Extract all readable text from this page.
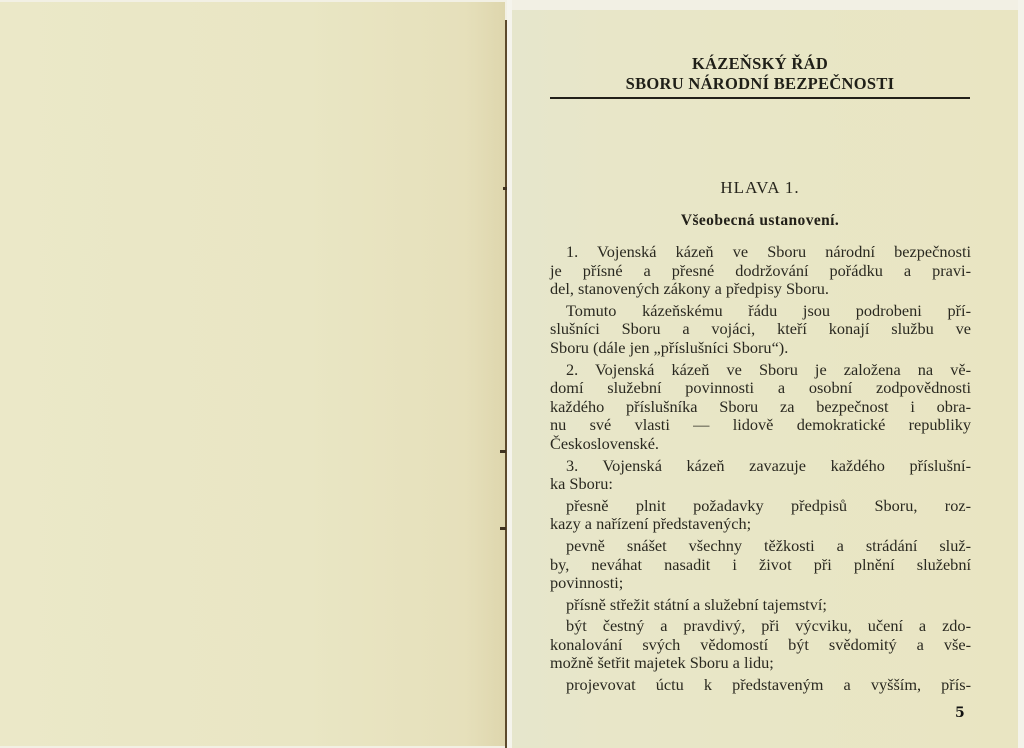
KÁZEŇSKÝ ŘÁD
SBORU NÁRODNÍ BEZPEČNOSTI
HLAVA 1.
Všeobecná ustanovení.
1. Vojenská kázeň ve Sboru národní bezpečnosti
je přísné a přesné dodržování pořádku a pravi-
del, stanovených zákony a předpisy Sboru.
Tomuto kázeňskému řádu jsou podrobeni pří-
slušníci Sboru a vojáci, kteří konají službu ve
Sboru (dále jen „příslušníci Sboru“).
2. Vojenská kázeň ve Sboru je založena na vě-
domí služební povinnosti a osobní zodpovědnosti
každého příslušníka Sboru za bezpečnost i obra-
nu své vlasti — lidově demokratické republiky
Československé.
3. Vojenská kázeň zavazuje každého příslušní-
ka Sboru:
přesně plnit požadavky předpisů Sboru, roz-
kazy a nařízení představených;
pevně snášet všechny těžkosti a strádání služ-
by, neváhat nasadit i život při plnění služební
povinnosti;
přísně střežit státní a služební tajemství;
být čestný a pravdivý, při výcviku, učení a zdo-
konalování svých vědomostí být svědomitý a vše-
možně šetřit majetek Sboru a lidu;
projevovat úctu k představeným a vyšším, přís-
5
